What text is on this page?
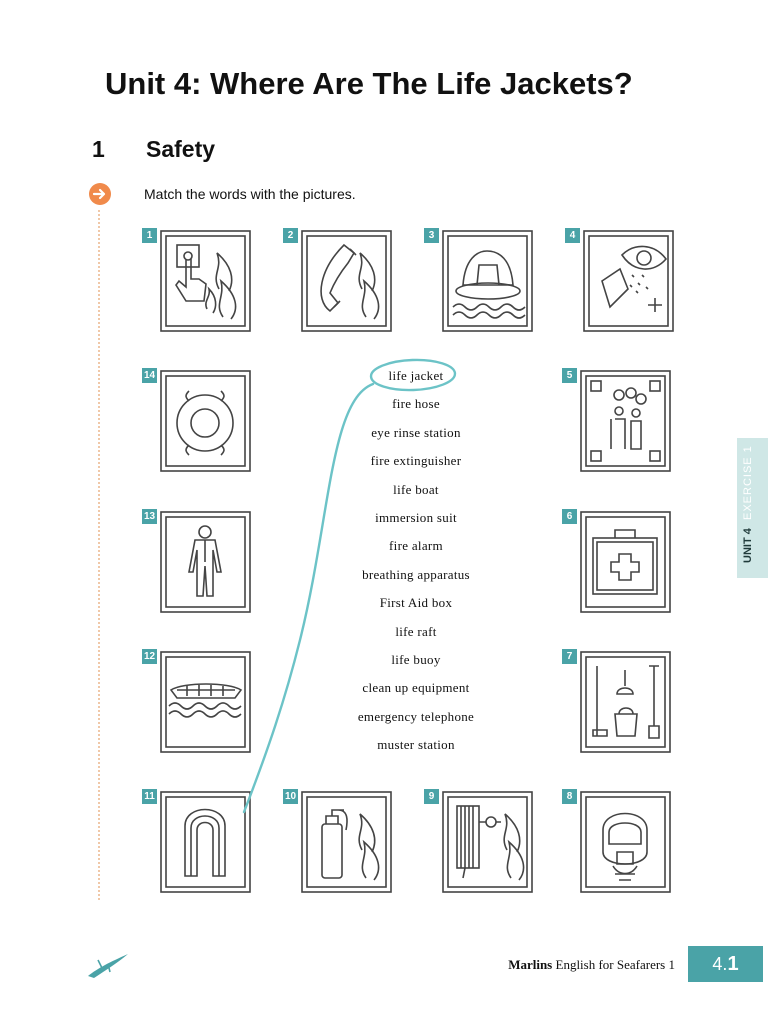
Unit 4: Where Are The Life Jackets?
1 Safety
Match the words with the pictures.
1	2	3	4
14
13
12
5
6
7
11	10	9	8
life jacket
fire hose
eye rinse station
fire extinguisher
life boat
immersion suit
fire alarm
breathing apparatus
First Aid box
life raft
life buoy
clean up equipment
emergency telephone
muster station
UNIT 4
EXERCISE 1
Marlins English for Seafarers 1	4.1
